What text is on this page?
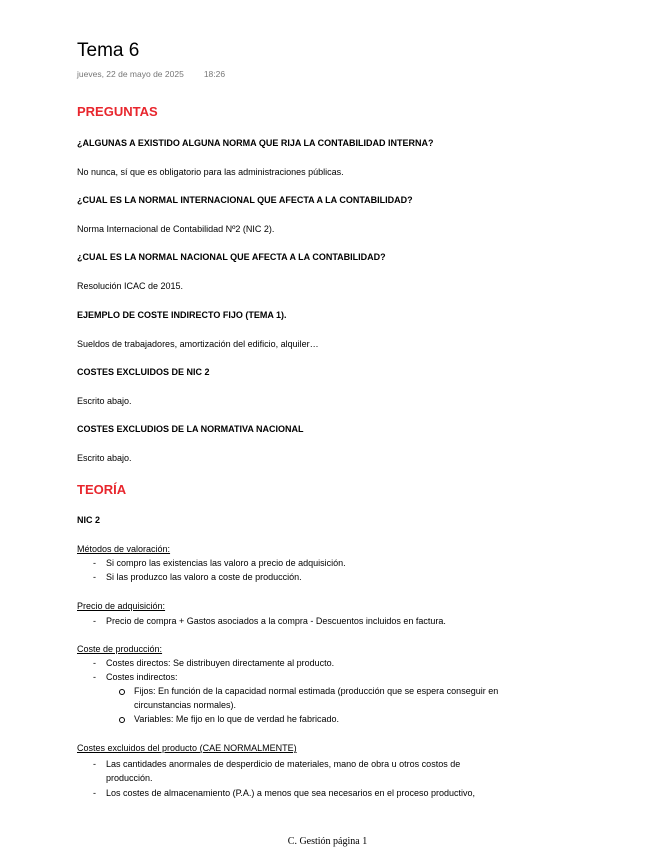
Tema 6
jueves, 22 de mayo de 2025 18:26
PREGUNTAS
¿ALGUNAS A EXISTIDO ALGUNA NORMA QUE RIJA LA CONTABILIDAD INTERNA?
No nunca, sí que es obligatorio para las administraciones públicas.
¿CUAL ES LA NORMAL INTERNACIONAL QUE AFECTA A LA CONTABILIDAD?
Norma Internacional de Contabilidad Nº2 (NIC 2).
¿CUAL ES LA NORMAL NACIONAL QUE AFECTA A LA CONTABILIDAD?
Resolución ICAC de 2015.
EJEMPLO DE COSTE INDIRECTO FIJO (TEMA 1).
Sueldos de trabajadores, amortización del edificio, alquiler…
COSTES EXCLUIDOS DE NIC 2
Escrito abajo.
COSTES EXCLUDIOS DE LA NORMATIVA NACIONAL
Escrito abajo.
TEORÍA
NIC 2
Métodos de valoración:
- Si compro las existencias las valoro a precio de adquisición.
- Si las produzco las valoro a coste de producción.
Precio de adquisición:
- Precio de compra + Gastos asociados a la compra - Descuentos incluidos en factura.
Coste de producción:
- Costes directos: Se distribuyen directamente al producto.
- Costes indirectos:
Fijos: En función de la capacidad normal estimada (producción que se espera conseguir en
circunstancias normales).
Variables: Me fijo en lo que de verdad he fabricado.
Costes excluidos del producto (CAE NORMALMENTE)
- Las cantidades anormales de desperdicio de materiales, mano de obra u otros costos de
producción.
- Los costes de almacenamiento (P.A.) a menos que sea necesarios en el proceso productivo,
C. Gestión página 1
